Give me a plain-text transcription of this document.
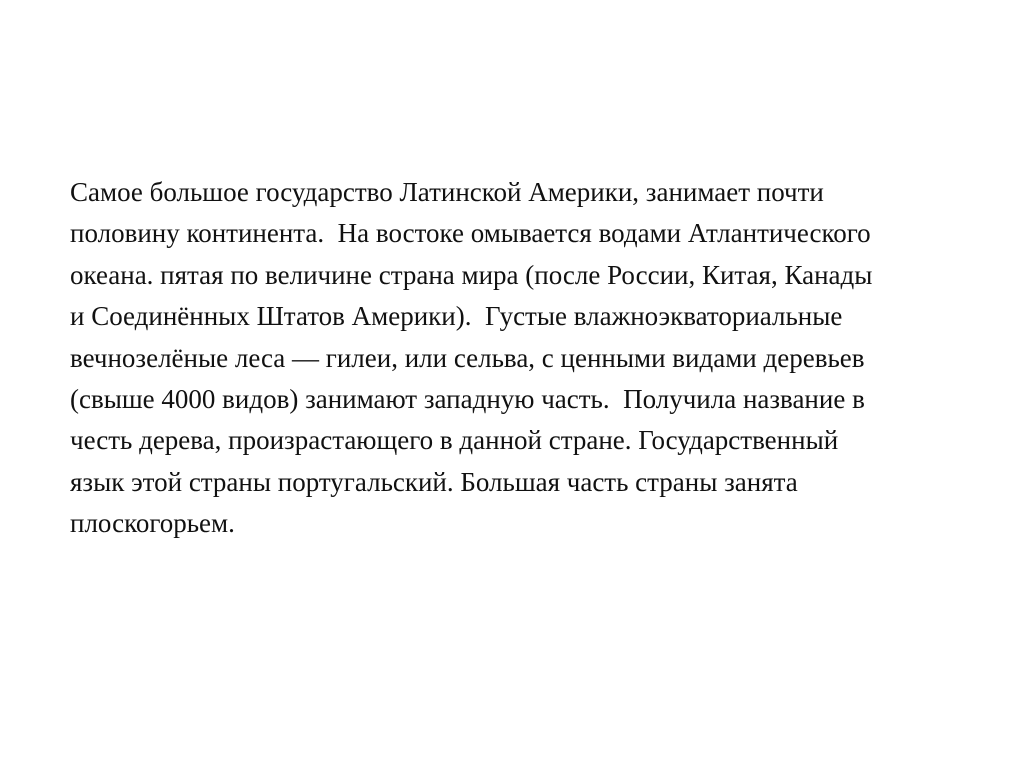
Самое большое государство Латинской Америки, занимает почти
половину континента.  На востоке омывается водами Атлантического
океана. пятая по величине страна мира (после России, Китая, Канады
и Соединённых Штатов Америки).  Густые влажноэкваториальные
вечнозелёные леса — гилеи, или сельва, с ценными видами деревьев
(свыше 4000 видов) занимают западную часть.  Получила название в
честь дерева, произрастающего в данной стране. Государственный
язык этой страны португальский. Большая часть страны занята
плоскогорьем.
